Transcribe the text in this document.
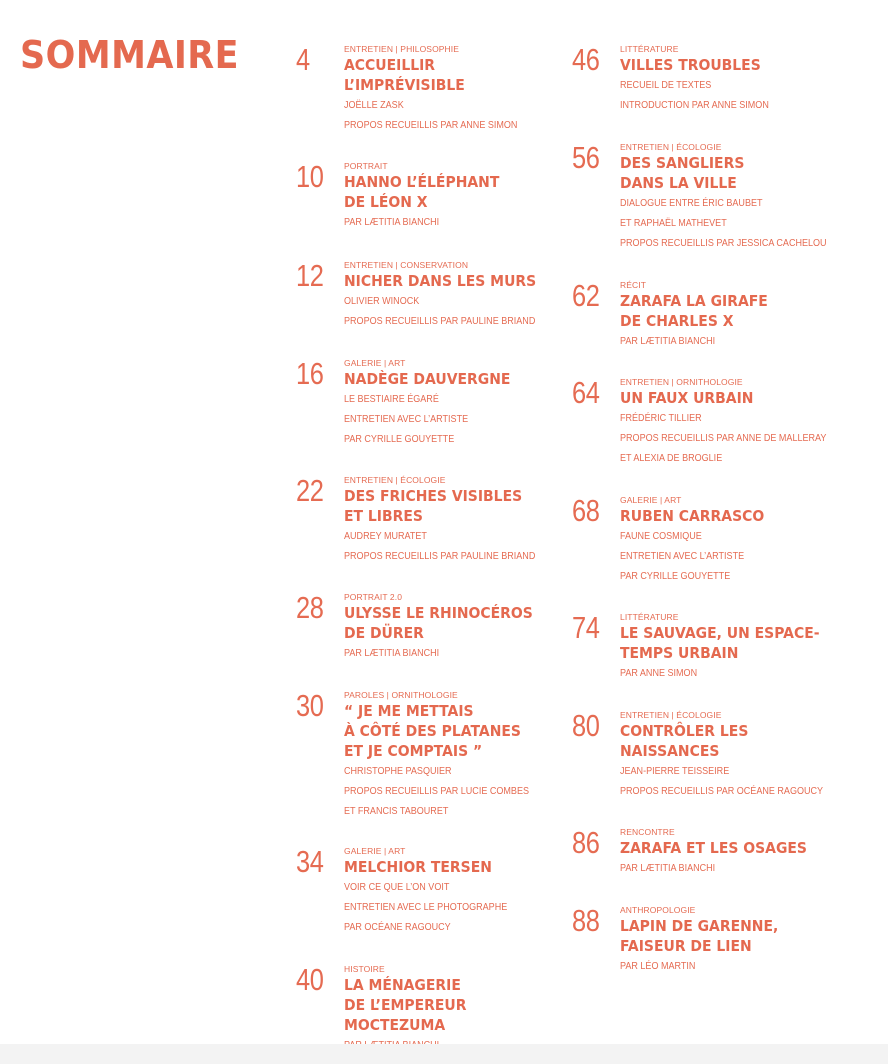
SOMMAIRE 4	ENTRETIEN | PHILOSOPHIE
ACCUEILLIR
L’IMPRÉVISIBLE
JOËLLE ZASK
PROPOS RECUEILLIS PAR ANNE SIMON
10	PORTRAIT
HANNO L’ÉLÉPHANT
DE LÉON X
PAR LÆTITIA BIANCHI
12	ENTRETIEN | CONSERVATION
NICHER DANS LES MURS
OLIVIER WINOCK
PROPOS RECUEILLIS PAR PAULINE BRIAND
16	GALERIE | ART
NADÈGE DAUVERGNE
LE BESTIAIRE ÉGARÉ
ENTRETIEN AVEC L’ARTISTE
PAR CYRILLE GOUYETTE
22	ENTRETIEN | ÉCOLOGIE
DES FRICHES VISIBLES
ET LIBRES
AUDREY MURATET
PROPOS RECUEILLIS PAR PAULINE BRIAND
28	PORTRAIT 2.0
ULYSSE LE RHINOCÉROS
DE DÜRER
PAR LÆTITIA BIANCHI
30	PAROLES | ORNITHOLOGIE
“ JE ME METTAIS
À CÔTÉ DES PLATANES
ET JE COMPTAIS ”
CHRISTOPHE PASQUIER
PROPOS RECUEILLIS PAR LUCIE COMBES
ET FRANCIS TABOURET
34	GALERIE | ART
MELCHIOR TERSEN
VOIR CE QUE L’ON VOIT
ENTRETIEN AVEC LE PHOTOGRAPHE
PAR OCÉANE RAGOUCY
40	HISTOIRE
LA MÉNAGERIE
DE L’EMPEREUR
MOCTEZUMA
46	LITTÉRATURE
VILLES TROUBLES
RECUEIL DE TEXTES
INTRODUCTION PAR ANNE SIMON
56	ENTRETIEN | ÉCOLOGIE
DES SANGLIERS
DANS LA VILLE
DIALOGUE ENTRE ÉRIC BAUBET
ET RAPHAËL MATHEVET
PROPOS RECUEILLIS PAR JESSICA CACHELOU
62	RÉCIT
ZARAFA LA GIRAFE
DE CHARLES X
PAR LÆTITIA BIANCHI
64	ENTRETIEN | ORNITHOLOGIE
UN FAUX URBAIN
FRÉDÉRIC TILLIER
PROPOS RECUEILLIS PAR ANNE DE MALLERAY
ET ALEXIA DE BROGLIE
68	GALERIE | ART
RUBEN CARRASCO
FAUNE COSMIQUE
ENTRETIEN AVEC L’ARTISTE
PAR CYRILLE GOUYETTE
74	LITTÉRATURE
LE SAUVAGE, UN ESPACE-
TEMPS URBAIN
PAR ANNE SIMON
80	ENTRETIEN | ÉCOLOGIE
CONTRÔLER LES
NAISSANCES
JEAN-PIERRE TEISSEIRE
PROPOS RECUEILLIS PAR OCÉANE RAGOUCY
86	RENCONTRE
ZARAFA ET LES OSAGES
PAR LÆTITIA BIANCHI
88	ANTHROPOLOGIE
LAPIN DE GARENNE,
FAISEUR DE LIEN
PAR LÉO MARTIN
